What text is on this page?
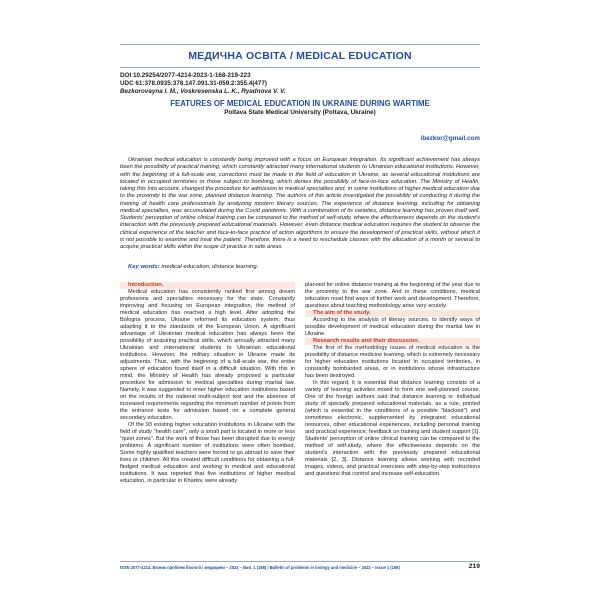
МЕДИЧНА ОСВІТА / MEDICAL EDUCATION
DOI 10.29254/2077-4214-2023-1-168-219-223
UDC 61:378.0935:378.147.091.31-059.2:355.4(477)
Bezkorovayna I. M., Voskresenska L. K., Ryadnova V. V.
FEATURES OF MEDICAL EDUCATION IN UKRAINE DURING WARTIME
Poltava State Medical University (Poltava, Ukraine)
ibezkor@gmail.com
Ukrainian medical education is constantly being improved with a focus on European integration. Its significant achievement has always been the possibility of practical training, which constantly attracted many international students to Ukrainian educational institutions. However, with the beginning of a full-scale war, corrections must be made in the field of education in Ukraine, as several educational institutions are located in occupied territories or those subject to bombing, which denies the possibility of face-to-face education. The Ministry of Health, taking this into account, changed the procedure for admission to medical specialties and, in some institutions of higher medical education due to the proximity to the war zone, planned distance learning. The authors of this article investigated the possibility of conducting it during the training of health care professionals by analyzing modern literary sources. The experience of distance learning, including for obtaining medical specialties, was accumulated during the Covid pandemic. With a combination of its varieties, distance learning has proven itself well. Students' perception of online clinical training can be compared to the method of self-study, where the effectiveness depends on the student's interaction with the previously prepared educational materials. However, even distance medical education requires the student to observe the clinical experience of the teacher and face-to-face practice of action algorithms to ensure the development of practical skills, without which it is not possible to examine and treat the patient. Therefore, there is a need to reschedule classes with the allocation of a month or several to acquire practical skills within the scope of practice in safe areas.
Key words: medical education, distance learning.
Introduction.

Medical education has consistently ranked first among dream professions and specialties necessary for the state. Constantly improving and focusing on European integration, the method of medical education has reached a high level. After adopting the Bologna process, Ukraine reformed its education system, thus adapting it to the standards of the European Union. A significant advantage of Ukrainian medical education has always been the possibility of acquiring practical skills, which annually attracted many Ukrainian and international students to Ukrainian educational institutions. However, the military situation in Ukraine made its adjustments. Thus, with the beginning of a full-scale war, the entire sphere of education found itself in a difficult situation. With this in mind, the Ministry of Health has already proposed a particular procedure for admission to medical specialties during martial law. Namely, it was suggested to enter higher education institutions based on the results of the national multi-subject test and the absence of increased requirements regarding the minimum number of points from the entrance tests for admission based on a complete general secondary education.

Of the 93 existing higher education institutions in Ukraine with the field of study "health care", only a small part is located in more or less "quiet zones". But the work of those has been disrupted due to energy problems. A significant number of institutions were often bombed. Some highly qualified teachers were forced to go abroad to save their lives or children. All this created difficult conditions for obtaining a full-fledged medical education and working in medical and educational institutions. It was reported that five institutions of higher medical education, in particular in Kharkiv, were already

planned for online distance training at the beginning of the year due to the proximity to the war zone. And in these conditions, medical education must find ways of further work and development. Therefore, questions about teaching methodology arise very acutely.

The aim of the study.

According to the analysis of literary sources, to identify ways of possible development of medical education during the martial law in Ukraine.

Research results and their discussion.

The first of the methodology issues of medical education is the possibility of distance medicine learning, which is extremely necessary for higher education institutions located in occupied territories, in constantly bombarded areas, or in institutions whose infrastructure has been destroyed.

In this regard, it is essential that distance learning consists of a variety of learning activities mixed to form one well-planned course. One of the foreign authors said that distance learning is: individual study of specially prepared educational materials, as a rule, printed (which is essential in the conditions of a possible "blackout") and sometimes electronic, supplemented by integrated educational resources, other educational experiences, including personal training and practical experience, feedback on training and student support [1]. Students' perception of online clinical training can be compared to the method of self-study, where the effectiveness depends on the student's interaction with the previously prepared educational materials [2, 3]. Distance learning allows working with recorded images, videos, and practical exercises with step-by-step instructions and questions that control and increase self-education.

ISSN 2077-4214. Вісник проблем біології і медицини – 2023 – Вип. 1 (168) / Bulletin of problems in biology and medicine – 2023 – Issue 1 (168)	219
